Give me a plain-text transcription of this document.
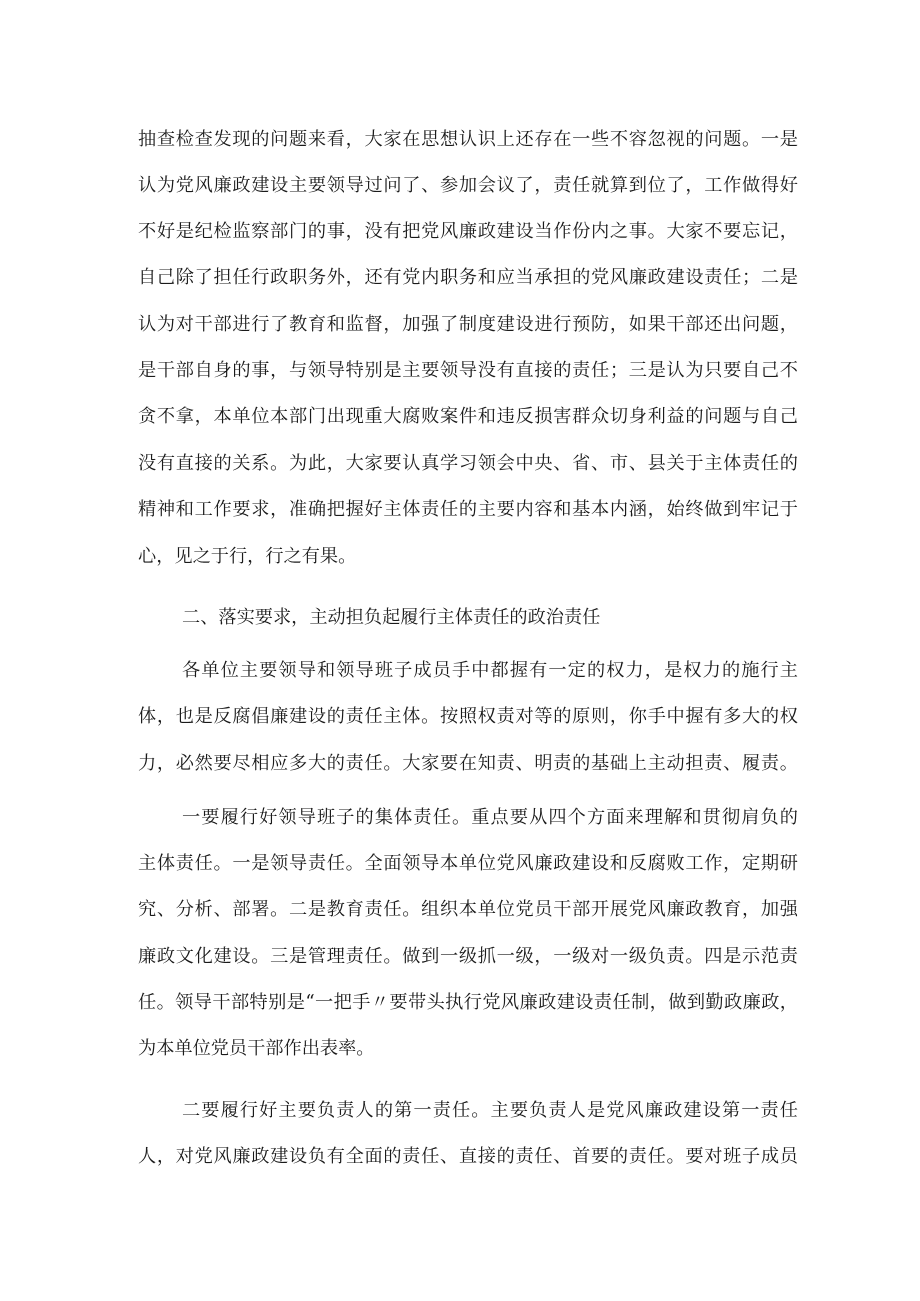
抽查检查发现的问题来看，大家在思想认识上还存在一些不容忽视的问题。一是
认为党风廉政建设主要领导过问了、参加会议了，责任就算到位了，工作做得好
不好是纪检监察部门的事，没有把党风廉政建设当作份内之事。大家不要忘记，
自己除了担任行政职务外，还有党内职务和应当承担的党风廉政建设责任；二是
认为对干部进行了教育和监督，加强了制度建设进行预防，如果干部还出问题，
是干部自身的事，与领导特别是主要领导没有直接的责任；三是认为只要自己不
贪不拿，本单位本部门出现重大腐败案件和违反损害群众切身利益的问题与自己
没有直接的关系。为此，大家要认真学习领会中央、省、市、县关于主体责任的
精神和工作要求，准确把握好主体责任的主要内容和基本内涵，始终做到牢记于
心，见之于行，行之有果。
二、落实要求，主动担负起履行主体责任的政治责任
各单位主要领导和领导班子成员手中都握有一定的权力，是权力的施行主
体，也是反腐倡廉建设的责任主体。按照权责对等的原则，你手中握有多大的权
力，必然要尽相应多大的责任。大家要在知责、明责的基础上主动担责、履责。
一要履行好领导班子的集体责任。重点要从四个方面来理解和贯彻肩负的
主体责任。一是领导责任。全面领导本单位党风廉政建设和反腐败工作，定期研
究、分析、部署。二是教育责任。组织本单位党员干部开展党风廉政教育，加强
廉政文化建设。三是管理责任。做到一级抓一级，一级对一级负责。四是示范责
任。领导干部特别是“一把手〃要带头执行党风廉政建设责任制，做到勤政廉政，
为本单位党员干部作出表率。
二要履行好主要负责人的第一责任。主要负责人是党风廉政建设第一责任
人，对党风廉政建设负有全面的责任、直接的责任、首要的责任。要对班子成员
